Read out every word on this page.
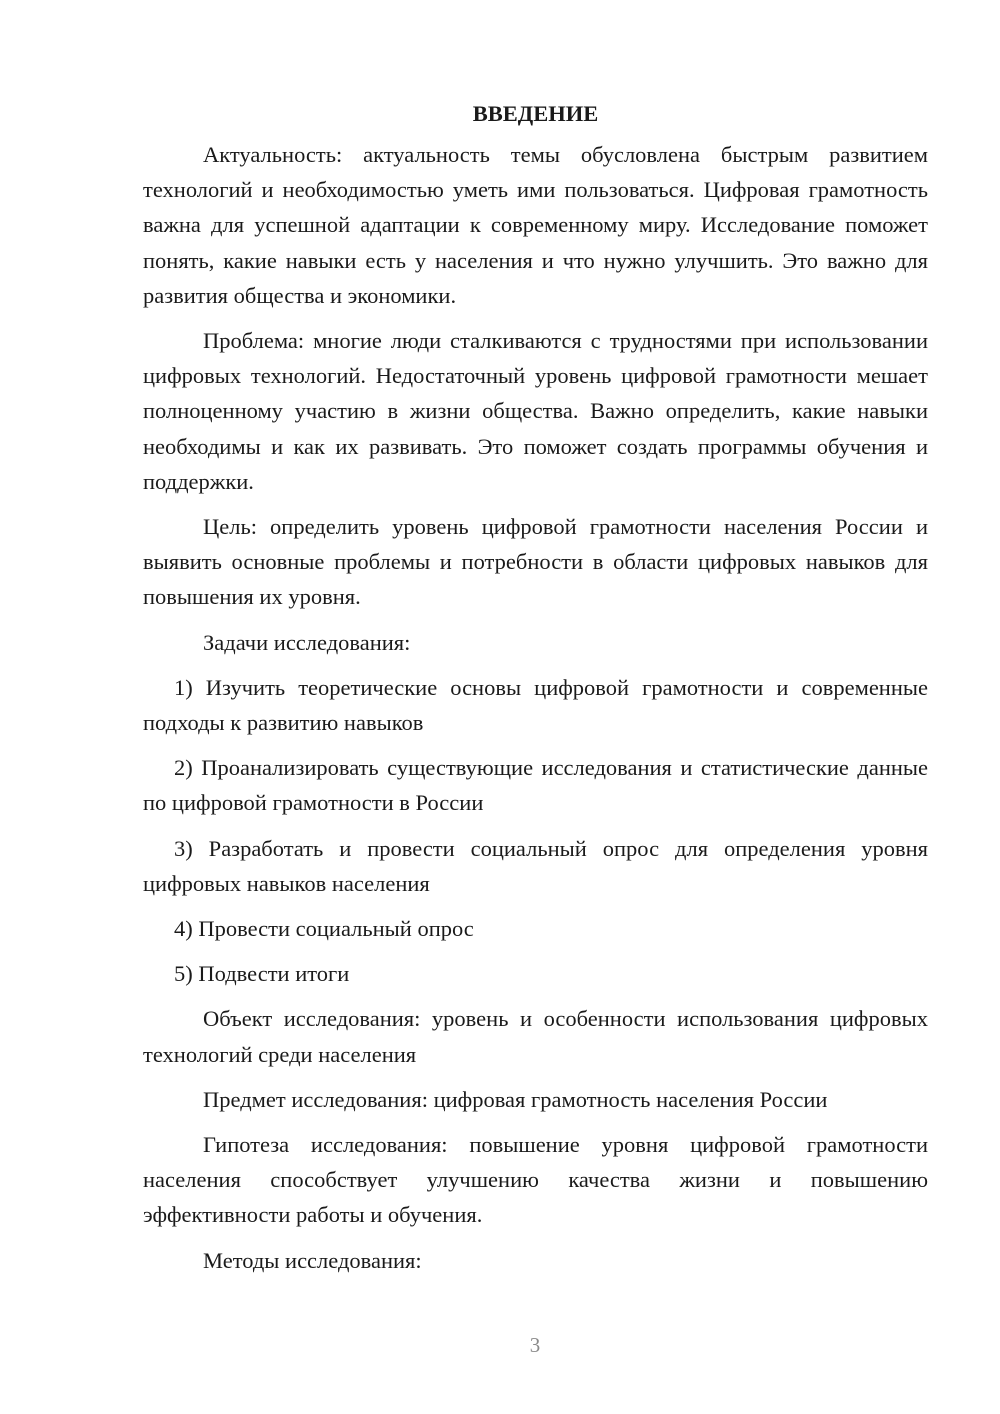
ВВЕДЕНИЕ

Актуальность: актуальность темы обусловлена быстрым развитием технологий и необходимостью уметь ими пользоваться. Цифровая грамотность важна для успешной адаптации к современному миру. Исследование поможет понять, какие навыки есть у населения и что нужно улучшить. Это важно для развития общества и экономики.

Проблема: многие люди сталкиваются с трудностями при использовании цифровых технологий. Недостаточный уровень цифровой грамотности мешает полноценному участию в жизни общества. Важно определить, какие навыки необходимы и как их развивать. Это поможет создать программы обучения и поддержки.

Цель: определить уровень цифровой грамотности населения России и выявить основные проблемы и потребности в области цифровых навыков для повышения их уровня.

Задачи исследования:

1) Изучить теоретические основы цифровой грамотности и современные подходы к развитию навыков

2) Проанализировать существующие исследования и статистические данные по цифровой грамотности в России

3) Разработать и провести социальный опрос для определения уровня цифровых навыков населения

4) Провести социальный опрос

5) Подвести итоги

Объект исследования: уровень и особенности использования цифровых технологий среди населения

Предмет исследования: цифровая грамотность населения России

Гипотеза исследования: повышение уровня цифровой грамотности населения способствует улучшению качества жизни и повышению эффективности работы и обучения.

Методы исследования:

3
